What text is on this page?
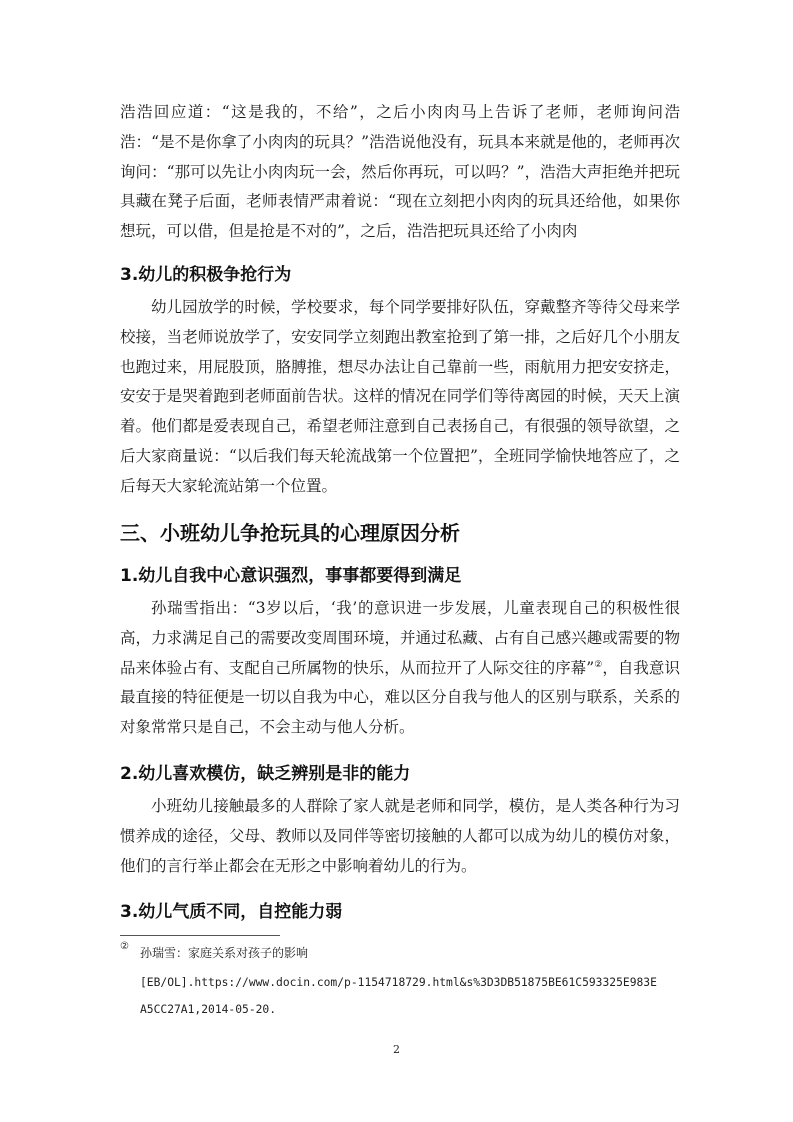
浩浩回应道：“这是我的，不给”，之后小肉肉马上告诉了老师，老师询问浩浩：“是不是你拿了小肉肉的玩具？”浩浩说他没有，玩具本来就是他的，老师再次询问：“那可以先让小肉肉玩一会，然后你再玩，可以吗？”，浩浩大声拒绝并把玩具藏在凳子后面，老师表情严肃着说：“现在立刻把小肉肉的玩具还给他，如果你想玩，可以借，但是抢是不对的”，之后，浩浩把玩具还给了小肉肉

3.幼儿的积极争抢行为

幼儿园放学的时候，学校要求，每个同学要排好队伍，穿戴整齐等待父母来学校接，当老师说放学了，安安同学立刻跑出教室抢到了第一排，之后好几个小朋友也跑过来，用屁股顶，胳膊推，想尽办法让自己靠前一些，雨航用力把安安挤走，安安于是哭着跑到老师面前告状。这样的情况在同学们等待离园的时候，天天上演着。他们都是爱表现自己，希望老师注意到自己表扬自己，有很强的领导欲望，之后大家商量说：“以后我们每天轮流战第一个位置把”，全班同学愉快地答应了，之后每天大家轮流站第一个位置。

三、小班幼儿争抢玩具的心理原因分析
1.幼儿自我中心意识强烈，事事都要得到满足

孙瑞雪指出：“3岁以后，‘我’的意识进一步发展，儿童表现自己的积极性很高，力求满足自己的需要改变周围环境，并通过私藏、占有自己感兴趣或需要的物品来体验占有、支配自己所属物的快乐，从而拉开了人际交往的序幕”②，自我意识最直接的特征便是一切以自我为中心，难以区分自我与他人的区别与联系，关系的对象常常只是自己，不会主动与他人分析。

2.幼儿喜欢模仿，缺乏辨别是非的能力

小班幼儿接触最多的人群除了家人就是老师和同学，模仿，是人类各种行为习惯养成的途径，父母、教师以及同伴等密切接触的人都可以成为幼儿的模仿对象，他们的言行举止都会在无形之中影响着幼儿的行为。

3.幼儿气质不同，自控能力弱
② 孙瑞雪：家庭关系对孩子的影响
[EB/OL].https://www.docin.com/p-1154718729.html&s%3D3DB51875BE61C593325E983E
A5CC27A1,2014-05-20.
2
